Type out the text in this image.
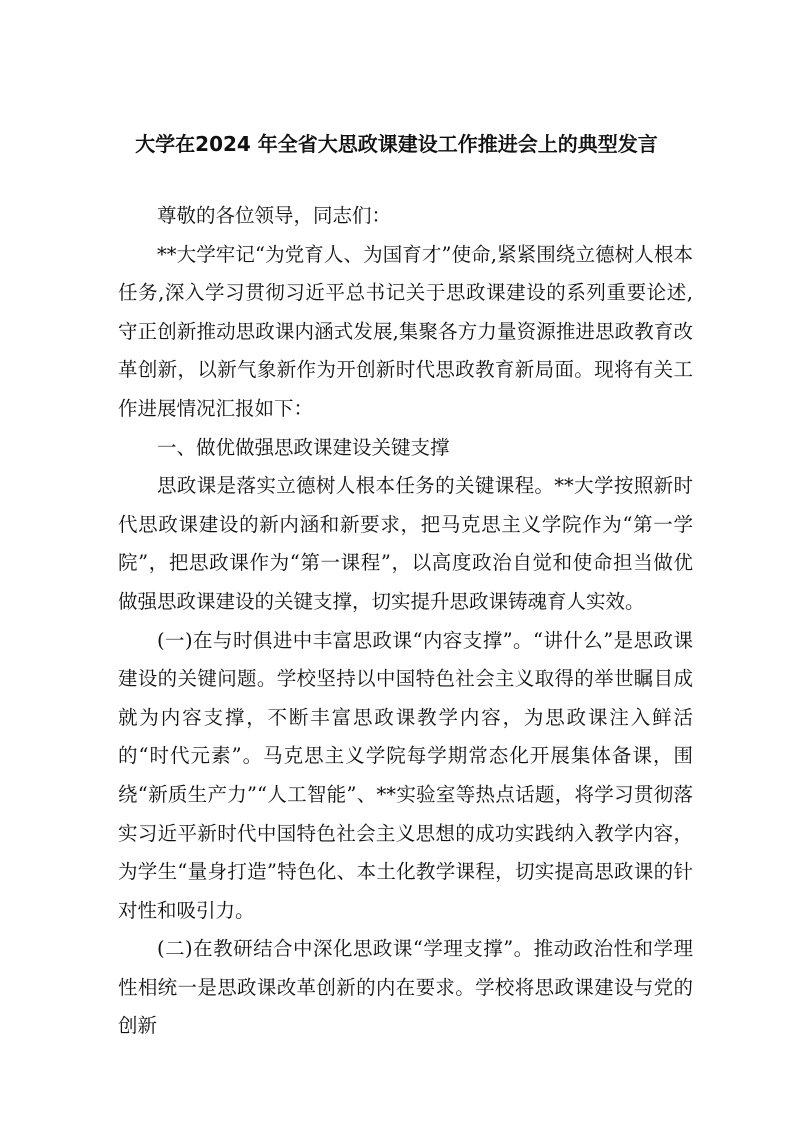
大学在2024 年全省大思政课建设工作推进会上的典型发言

尊敬的各位领导，同志们：

**大学牢记“为党育人、为国育才”使命,紧紧围绕立德树人根本任务,深入学习贯彻习近平总书记关于思政课建设的系列重要论述,守正创新推动思政课内涵式发展,集聚各方力量资源推进思政教育改革创新，以新气象新作为开创新时代思政教育新局面。现将有关工作进展情况汇报如下：

一、做优做强思政课建设关键支撑

思政课是落实立德树人根本任务的关键课程。**大学按照新时代思政课建设的新内涵和新要求，把马克思主义学院作为“第一学院”，把思政课作为“第一课程”，以高度政治自觉和使命担当做优做强思政课建设的关键支撑，切实提升思政课铸魂育人实效。

(一)在与时俱进中丰富思政课“内容支撑”。“讲什么”是思政课建设的关键问题。学校坚持以中国特色社会主义取得的举世瞩目成就为内容支撑，不断丰富思政课教学内容，为思政课注入鲜活的“时代元素”。马克思主义学院每学期常态化开展集体备课，围绕“新质生产力”“人工智能”、**实验室等热点话题，将学习贯彻落实习近平新时代中国特色社会主义思想的成功实践纳入教学内容，为学生“量身打造”特色化、本土化教学课程，切实提高思政课的针对性和吸引力。

(二)在教研结合中深化思政课“学理支撑”。推动政治性和学理性相统一是思政课改革创新的内在要求。学校将思政课建设与党的创新
